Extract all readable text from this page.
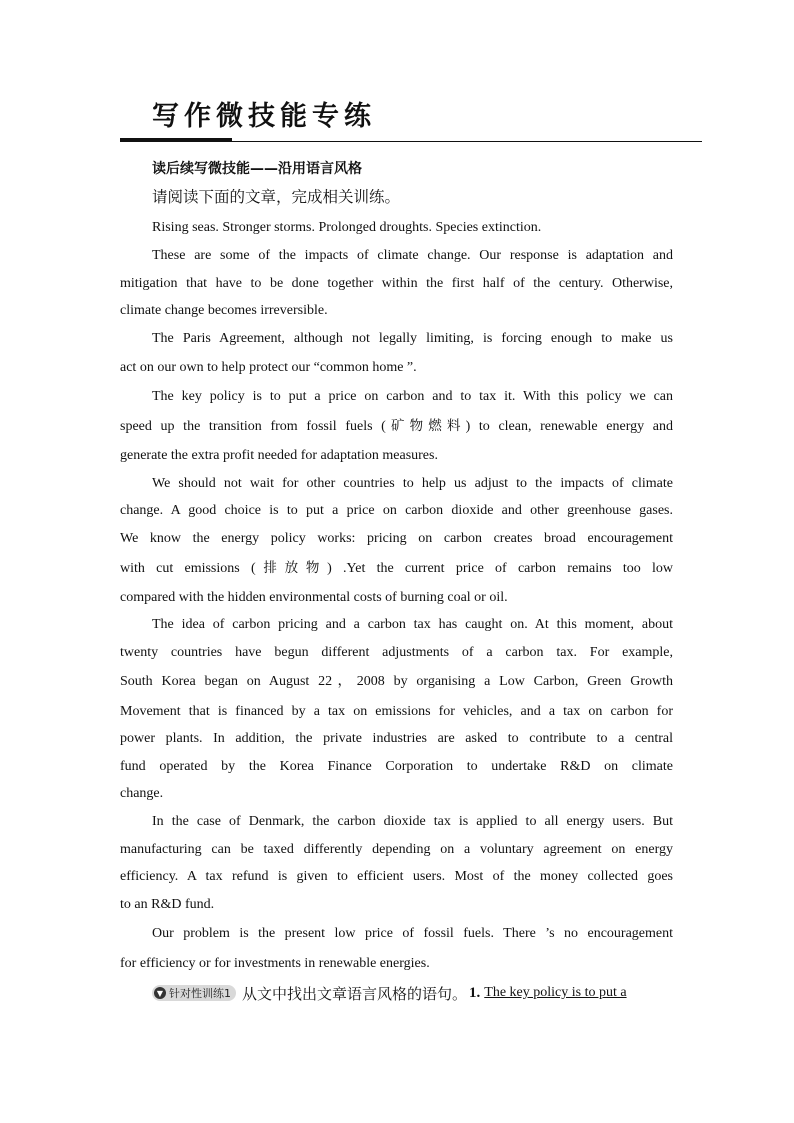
写作微技能专练
读后续写微技能——沿用语言风格
请阅读下面的文章，完成相关训练。
Rising seas. Stronger storms. Prolonged droughts. Species extinction.
These are some of the impacts of climate change. Our response is adaptation and
mitigation that have to be done together within the first half of the century. Otherwise,
climate change becomes irreversible.
The Paris Agreement, although not legally limiting, is forcing enough to make us
act on our own to help protect our “common home ”.
The key policy is to put a price on carbon and to tax it. With this policy we can
speed up the transition from fossil fuels (矿物燃料) to clean, renewable energy and
generate the extra profit needed for adaptation measures.
We should not wait for other countries to help us adjust to the impacts of climate
change. A good choice is to put a price on carbon dioxide and other greenhouse gases.
We know the energy policy works: pricing on carbon creates broad encouragement
with cut emissions (排放物) .Yet the current price of carbon remains too low
compared with the hidden environmental costs of burning coal or oil.
The idea of carbon pricing and a carbon tax has caught on. At this moment, about
twenty countries have begun different adjustments of a carbon tax. For example,
South Korea began on August 22，2008 by organising a Low Carbon, Green Growth
Movement that is financed by a tax on emissions for vehicles, and a tax on carbon for
power plants. In addition, the private industries are asked to contribute to a central
fund operated by the Korea Finance Corporation to undertake R&D on climate
change.
In the case of Denmark, the carbon dioxide tax is applied to all energy users. But
manufacturing can be taxed differently depending on a voluntary agreement on energy
efficiency. A tax refund is given to efficient users. Most of the money collected goes
to an R&D fund.
Our problem is the present low price of fossil fuels. There ’s no encouragement
for efficiency or for investments in renewable energies.
▼ 针对性训练1 从文中找出文章语言风格的语句。 1. The key policy is to put a
